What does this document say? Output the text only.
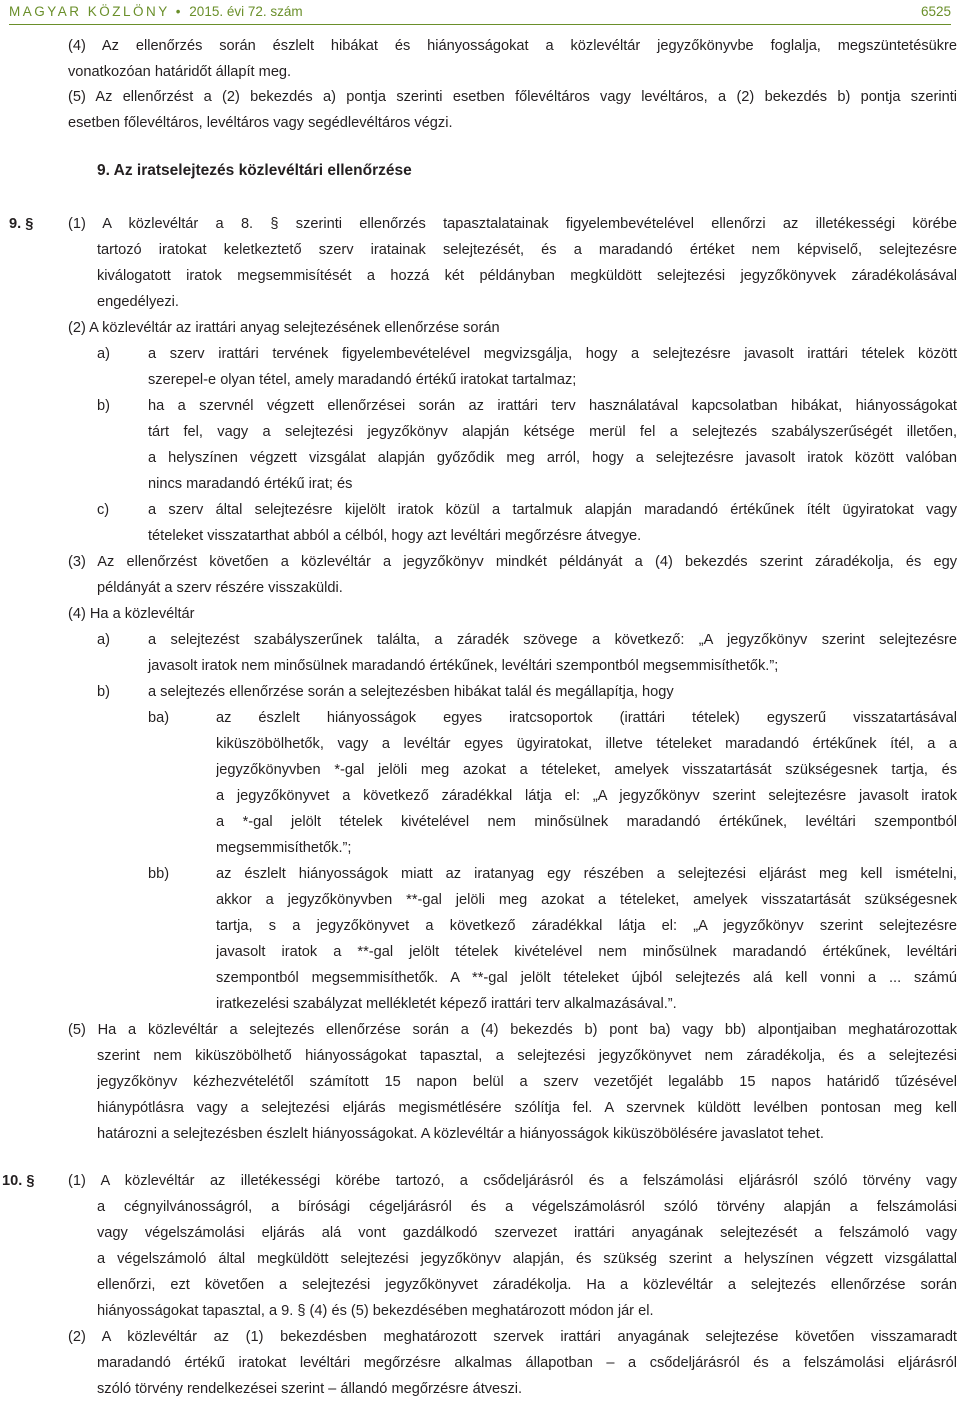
MAGYAR KÖZLÖNY • 2015. évi 72. szám	6525
(4) Az ellenőrzés során észlelt hibákat és hiányosságokat a közlevéltár jegyzőkönyvbe foglalja, megszüntetésükre
vonatkozóan határidőt állapít meg.
(5) Az ellenőrzést a (2) bekezdés a) pontja szerinti esetben főlevéltáros vagy levéltáros, a (2) bekezdés b) pontja szerinti
esetben főlevéltáros, levéltáros vagy segédlevéltáros végzi.
9. Az iratselejtezés közlevéltári ellenőrzése
9. § (1) A közlevéltár a 8. § szerinti ellenőrzés tapasztalatainak figyelembevételével ellenőrzi az illetékességi körébe
tartozó iratokat keletkeztető szerv iratainak selejtezését, és a maradandó értéket nem képviselő, selejtezésre
kiválogatott iratok megsemmisítését a hozzá két példányban megküldött selejtezési jegyzőkönyvek záradékolásával
engedélyezi.
(2) A közlevéltár az irattári anyag selejtezésének ellenőrzése során
a)	a szerv irattári tervének figyelembevételével megvizsgálja, hogy a selejtezésre javasolt irattári tételek között
szerepel-e olyan tétel, amely maradandó értékű iratokat tartalmaz;
b)	ha a szervnél végzett ellenőrzései során az irattári terv használatával kapcsolatban hibákat, hiányosságokat
tárt fel, vagy a selejtezési jegyzőkönyv alapján kétsége merül fel a selejtezés szabályszerűségét illetően,
a helyszínen végzett vizsgálat alapján győződik meg arról, hogy a selejtezésre javasolt iratok között valóban
nincs maradandó értékű irat; és
c)	a szerv által selejtezésre kijelölt iratok közül a tartalmuk alapján maradandó értékűnek ítélt ügyiratokat vagy
tételeket visszatarthat abból a célból, hogy azt levéltári megőrzésre átvegye.
(3) Az ellenőrzést követően a közlevéltár a jegyzőkönyv mindkét példányát a (4) bekezdés szerint záradékolja, és egy
példányát a szerv részére visszaküldi.
(4) Ha a közlevéltár
a)	a selejtezést szabályszerűnek találta, a záradék szövege a következő: „A jegyzőkönyv szerint selejtezésre
javasolt iratok nem minősülnek maradandó értékűnek, levéltári szempontból megsemmisíthetők.”;
b)	a selejtezés ellenőrzése során a selejtezésben hibákat talál és megállapítja, hogy
ba)	az észlelt hiányosságok egyes iratcsoportok (irattári tételek) egyszerű visszatartásával
kiküszöbölhetők, vagy a levéltár egyes ügyiratokat, illetve tételeket maradandó értékűnek ítél, a a
jegyzőkönyvben *-gal jelöli meg azokat a tételeket, amelyek visszatartását szükségesnek tartja, és
a jegyzőkönyvet a következő záradékkal látja el: „A jegyzőkönyv szerint selejtezésre javasolt iratok
a *-gal jelölt tételek kivételével nem minősülnek maradandó értékűnek, levéltári szempontból
megsemmisíthetők.”;
bb)	az észlelt hiányosságok miatt az iratanyag egy részében a selejtezési eljárást meg kell ismételni,
akkor a jegyzőkönyvben **-gal jelöli meg azokat a tételeket, amelyek visszatartását szükségesnek
tartja, s a jegyzőkönyvet a következő záradékkal látja el: „A jegyzőkönyv szerint selejtezésre
javasolt iratok a **-gal jelölt tételek kivételével nem minősülnek maradandó értékűnek, levéltári
szempontból megsemmisíthetők. A **-gal jelölt tételeket újból selejtezés alá kell vonni a ... számú
iratkezelési szabályzat mellékletét képező irattári terv alkalmazásával.”.
(5) Ha a közlevéltár a selejtezés ellenőrzése során a (4) bekezdés b) pont ba) vagy bb) alpontjaiban meghatározottak
szerint nem kiküszöbölhető hiányosságokat tapasztal, a selejtezési jegyzőkönyvet nem záradékolja, és a selejtezési
jegyzőkönyv kézhezvételétől számított 15 napon belül a szerv vezetőjét legalább 15 napos határidő tűzésével
hiánypótlásra vagy a selejtezési eljárás megismétlésére szólítja fel. A szervnek küldött levélben pontosan meg kell
határozni a selejtezésben észlelt hiányosságokat. A közlevéltár a hiányosságok kiküszöbölésére javaslatot tehet.
10. § (1) A közlevéltár az illetékességi körébe tartozó, a csődeljárásról és a felszámolási eljárásról szóló törvény vagy
a cégnyilvánosságról, a bírósági cégeljárásról és a végelszámolásról szóló törvény alapján a felszámolási
vagy végelszámolási eljárás alá vont gazdálkodó szervezet irattári anyagának selejtezését a felszámoló vagy
a végelszámoló által megküldött selejtezési jegyzőkönyv alapján, és szükség szerint a helyszínen végzett vizsgálattal
ellenőrzi, ezt követően a selejtezési jegyzőkönyvet záradékolja. Ha a közlevéltár a selejtezés ellenőrzése során
hiányosságokat tapasztal, a 9. § (4) és (5) bekezdésében meghatározott módon jár el.
(2) A közlevéltár az (1) bekezdésben meghatározott szervek irattári anyagának selejtezése követően visszamaradt
maradandó értékű iratokat levéltári megőrzésre alkalmas állapotban – a csődeljárásról és a felszámolási eljárásról
szóló törvény rendelkezései szerint – állandó megőrzésre átveszi.
